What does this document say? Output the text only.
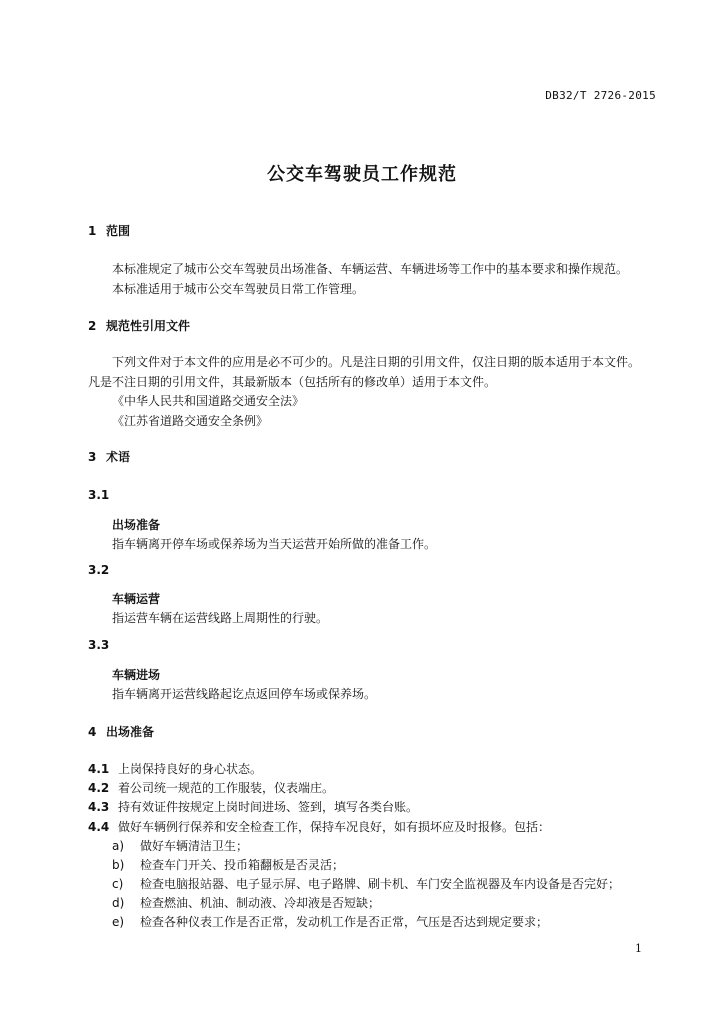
DB32/T 2726-2015
公交车驾驶员工作规范
1 范围
本标准规定了城市公交车驾驶员出场准备、车辆运营、车辆进场等工作中的基本要求和操作规范。
本标准适用于城市公交车驾驶员日常工作管理。
2 规范性引用文件
下列文件对于本文件的应用是必不可少的。凡是注日期的引用文件，仅注日期的版本适用于本文件。
凡是不注日期的引用文件，其最新版本（包括所有的修改单）适用于本文件。
《中华人民共和国道路交通安全法》
《江苏省道路交通安全条例》
3 术语
3.1
出场准备
指车辆离开停车场或保养场为当天运营开始所做的准备工作。
3.2
车辆运营
指运营车辆在运营线路上周期性的行驶。
3.3
车辆进场
指车辆离开运营线路起讫点返回停车场或保养场。
4 出场准备
4.1 上岗保持良好的身心状态。
4.2 着公司统一规范的工作服装，仪表端庄。
4.3 持有效证件按规定上岗时间进场、签到，填写各类台账。
4.4 做好车辆例行保养和安全检查工作，保持车况良好，如有损坏应及时报修。包括：
a) 做好车辆清洁卫生；
b) 检查车门开关、投币箱翻板是否灵活；
c) 检查电脑报站器、电子显示屏、电子路牌、刷卡机、车门安全监视器及车内设备是否完好；
d) 检查燃油、机油、制动液、冷却液是否短缺；
e) 检查各种仪表工作是否正常，发动机工作是否正常，气压是否达到规定要求；
1
